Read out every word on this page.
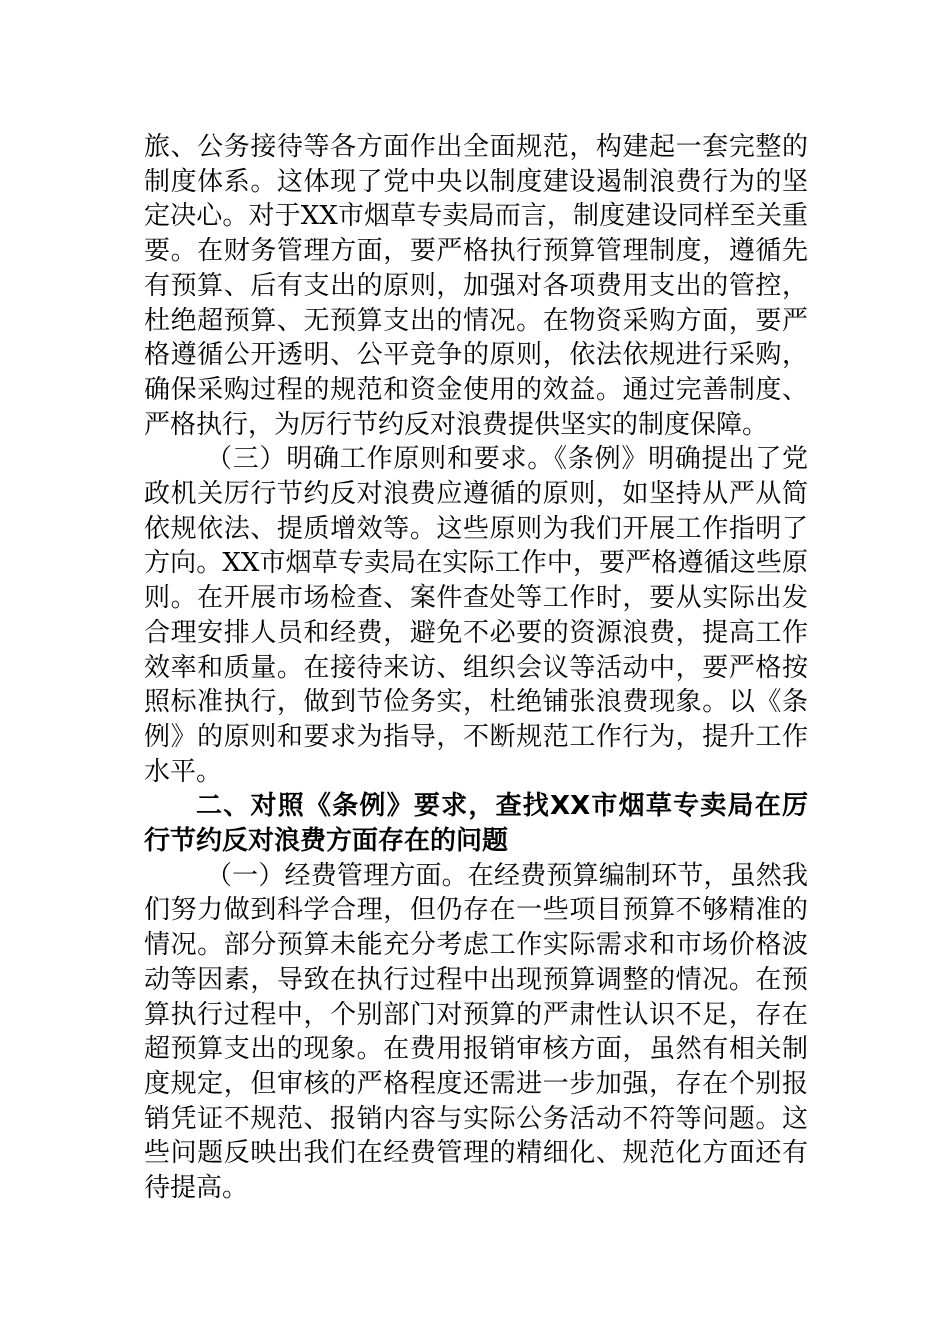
旅、公务接待等各方面作出全面规范，构建起一套完整的制度体系。这体现了党中央以制度建设遏制浪费行为的坚定决心。对于XX市烟草专卖局而言，制度建设同样至关重要。在财务管理方面，要严格执行预算管理制度，遵循先有预算、后有支出的原则，加强对各项费用支出的管控，杜绝超预算、无预算支出的情况。在物资采购方面，要严格遵循公开透明、公平竞争的原则，依法依规进行采购，确保采购过程的规范和资金使用的效益。通过完善制度、严格执行，为厉行节约反对浪费提供坚实的制度保障。

（三）明确工作原则和要求。《条例》明确提出了党政机关厉行节约反对浪费应遵循的原则，如坚持从严从简依规依法、提质增效等。这些原则为我们开展工作指明了方向。XX市烟草专卖局在实际工作中，要严格遵循这些原则。在开展市场检查、案件查处等工作时，要从实际出发合理安排人员和经费，避免不必要的资源浪费，提高工作效率和质量。在接待来访、组织会议等活动中，要严格按照标准执行，做到节俭务实，杜绝铺张浪费现象。以《条例》的原则和要求为指导，不断规范工作行为，提升工作水平。

二、对照《条例》要求，查找XX市烟草专卖局在厉行节约反对浪费方面存在的问题

（一）经费管理方面。在经费预算编制环节，虽然我们努力做到科学合理，但仍存在一些项目预算不够精准的情况。部分预算未能充分考虑工作实际需求和市场价格波动等因素，导致在执行过程中出现预算调整的情况。在预算执行过程中，个别部门对预算的严肃性认识不足，存在超预算支出的现象。在费用报销审核方面，虽然有相关制度规定，但审核的严格程度还需进一步加强，存在个别报销凭证不规范、报销内容与实际公务活动不符等问题。这些问题反映出我们在经费管理的精细化、规范化方面还有待提高。
